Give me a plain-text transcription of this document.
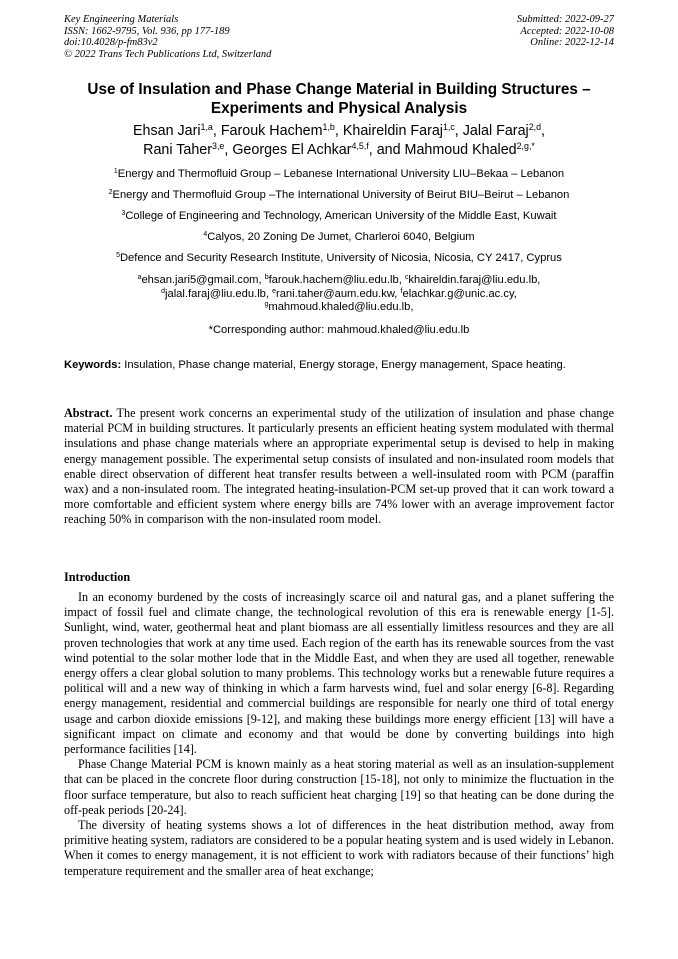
Key Engineering Materials
ISSN: 1662-9795, Vol. 936, pp 177-189
doi:10.4028/p-fm83v2
© 2022 Trans Tech Publications Ltd, Switzerland
Submitted: 2022-09-27
Accepted: 2022-10-08
Online: 2022-12-14
Use of Insulation and Phase Change Material in Building Structures –
Experiments and Physical Analysis
Ehsan Jari$^{1,a}$, Farouk Hachem$^{1,b}$, Khaireldin Faraj$^{1,c}$, Jalal Faraj$^{2,d}$,
Rani Taher$^{3,e}$, Georges El Achkar$^{4,5,f}$, and Mahmoud Khaled$^{2,g,*}$
$^1$Energy and Thermofluid Group – Lebanese International University LIU–Bekaa – Lebanon
$^2$Energy and Thermofluid Group –The International University of Beirut BIU–Beirut – Lebanon
$^3$College of Engineering and Technology, American University of the Middle East, Kuwait
$^4$Calyos, 20 Zoning De Jumet, Charleroi 6040, Belgium
$^5$Defence and Security Research Institute, University of Nicosia, Nicosia, CY 2417, Cyprus
$^a$ehsan.jari5@gmail.com, $^b$farouk.hachem@liu.edu.lb, $^c$khaireldin.faraj@liu.edu.lb,
$^d$jalal.faraj@liu.edu.lb, $^e$rani.taher@aum.edu.kw, $^f$elachkar.g@unic.ac.cy,
$^g$mahmoud.khaled@liu.edu.lb,
*Corresponding author: mahmoud.khaled@liu.edu.lb
Keywords: Insulation, Phase change material, Energy storage, Energy management, Space heating.
Abstract. The present work concerns an experimental study of the utilization of insulation and phase change material PCM in building structures. It particularly presents an efficient heating system modulated with thermal insulations and phase change materials where an appropriate experimental setup is devised to help in making energy management possible. The experimental setup consists of insulated and non-insulated room models that enable direct observation of different heat transfer results between a well-insulated room with PCM (paraffin wax) and a non-insulated room. The integrated heating-insulation-PCM set-up proved that it can work toward a more comfortable and efficient system where energy bills are 74% lower with an average improvement factor reaching 50% in comparison with the non-insulated room model.
Introduction

In an economy burdened by the costs of increasingly scarce oil and natural gas, and a planet suffering the impact of fossil fuel and climate change, the technological revolution of this era is renewable energy [1-5]. Sunlight, wind, water, geothermal heat and plant biomass are all essentially limitless resources and they are all proven technologies that work at any time used. Each region of the earth has its renewable sources from the vast wind potential to the solar mother lode that in the Middle East, and when they are used all together, renewable energy offers a clear global solution to many problems. This technology works but a renewable future requires a political will and a new way of thinking in which a farm harvests wind, fuel and solar energy [6-8]. Regarding energy management, residential and commercial buildings are responsible for nearly one third of total energy usage and carbon dioxide emissions [9-12], and making these buildings more energy efficient [13] will have a significant impact on climate and economy and that would be done by converting buildings into high performance facilities [14].

Phase Change Material PCM is known mainly as a heat storing material as well as an insulation-supplement that can be placed in the concrete floor during construction [15-18], not only to minimize the fluctuation in the floor surface temperature, but also to reach sufficient heat charging [19] so that heating can be done during the off-peak periods [20-24].

The diversity of heating systems shows a lot of differences in the heat distribution method, away from primitive heating system, radiators are considered to be a popular heating system and is used widely in Lebanon. When it comes to energy management, it is not efficient to work with radiators because of their functions’ high temperature requirement and the smaller area of heat exchange;
